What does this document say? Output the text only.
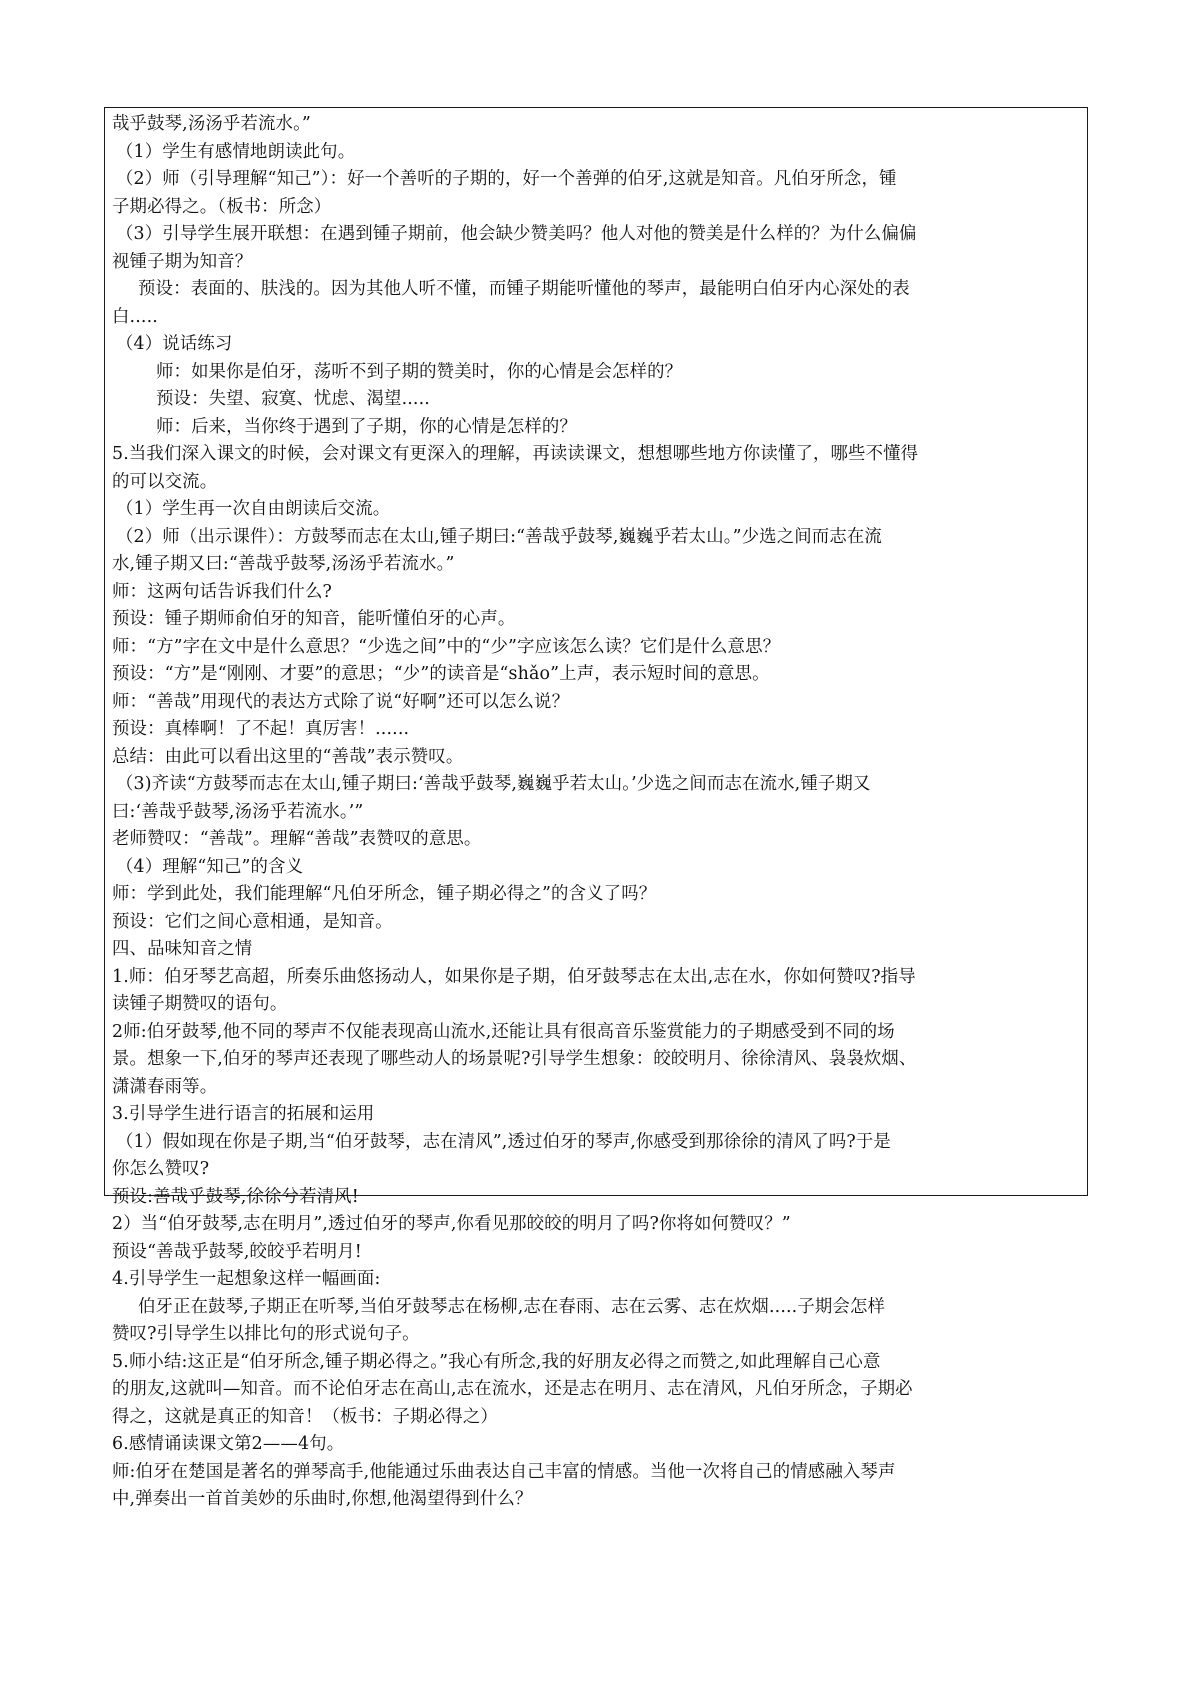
哉乎鼓琴,汤汤乎若流水。”
（1）学生有感情地朗读此句。
（2）师（引导理解“知己”）：好一个善听的子期的，好一个善弹的伯牙,这就是知音。凡伯牙所念，锺
子期必得之。（板书：所念）
（3）引导学生展开联想：在遇到锺子期前，他会缺少赞美吗？他人对他的赞美是什么样的？为什么偏偏
视锺子期为知音？
预设：表面的、肤浅的。因为其他人听不懂，而锺子期能听懂他的琴声，最能明白伯牙内心深处的表
白.....
（4）说话练习
师：如果你是伯牙，荡听不到子期的赞美时，你的心情是会怎样的？
预设：失望、寂寞、忧虑、渴望.....
师：后来，当你终于遇到了子期，你的心情是怎样的？
5.当我们深入课文的时候，会对课文有更深入的理解，再读读课文，想想哪些地方你读懂了，哪些不懂得
的可以交流。
（1）学生再一次自由朗读后交流。
（2）师（出示课件）：方鼓琴而志在太山,锺子期曰:“善哉乎鼓琴,巍巍乎若太山。”少选之间而志在流
水,锺子期又曰:“善哉乎鼓琴,汤汤乎若流水。”
师：这两句话告诉我们什么?
预设：锺子期师俞伯牙的知音，能听懂伯牙的心声。
师：“方”字在文中是什么意思？“少选之间”中的“少”字应该怎么读？它们是什么意思？
预设：“方”是“刚刚、才要”的意思；“少”的读音是“shǎo”上声，表示短时间的意思。
师：“善哉”用现代的表达方式除了说“好啊”还可以怎么说？
预设：真棒啊！了不起！真厉害！......
总结：由此可以看出这里的“善哉”表示赞叹。
（3)齐读“方鼓琴而志在太山,锺子期曰:‘善哉乎鼓琴,巍巍乎若太山。’少选之间而志在流水,锺子期又
曰:‘善哉乎鼓琴,汤汤乎若流水。’”
老师赞叹：“善哉”。理解“善哉”表赞叹的意思。
（4）理解“知己”的含义
师：学到此处，我们能理解“凡伯牙所念，锺子期必得之”的含义了吗？
预设：它们之间心意相通，是知音。
四、品味知音之情
1.师：伯牙琴艺高超，所奏乐曲悠扬动人，如果你是子期，伯牙鼓琴志在太出,志在水，你如何赞叹?指导
读锺子期赞叹的语句。
2师:伯牙鼓琴,他不同的琴声不仅能表现高山流水,还能让具有很高音乐鉴赏能力的子期感受到不同的场
景。想象一下,伯牙的琴声还表现了哪些动人的场景呢?引导学生想象：皎皎明月、徐徐清风、袅袅炊烟、
潇潇春雨等。
3.引导学生进行语言的拓展和运用
（1）假如现在你是子期,当“伯牙鼓琴，志在清风”,透过伯牙的琴声,你感受到那徐徐的清风了吗?于是
你怎么赞叹?
预设:善哉乎鼓琴,徐徐兮若清风!
2）当“伯牙鼓琴,志在明月”,透过伯牙的琴声,你看见那皎皎的明月了吗?你将如何赞叹？”
预设“善哉乎鼓琴,皎皎乎若明月!
4.引导学生一起想象这样一幅画面:
伯牙正在鼓琴,子期正在听琴,当伯牙鼓琴志在杨柳,志在春雨、志在云雾、志在炊烟.....子期会怎样
赞叹?引导学生以排比句的形式说句子。
5.师小结:这正是“伯牙所念,锺子期必得之。”我心有所念,我的好朋友必得之而赞之,如此理解自己心意
的朋友,这就叫—知音。而不论伯牙志在高山,志在流水，还是志在明月、志在清风，凡伯牙所念，子期必
得之，这就是真正的知音！（板书：子期必得之）
6.感情诵读课文第2——4句。
师:伯牙在楚国是著名的弹琴高手,他能通过乐曲表达自己丰富的情感。当他一次将自己的情感融入琴声
中,弹奏出一首首美妙的乐曲时,你想,他渴望得到什么？
